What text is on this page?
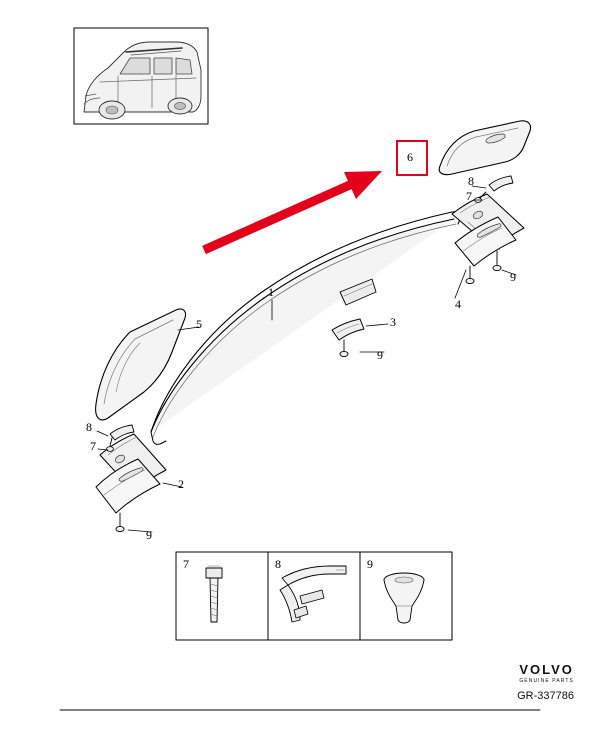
1
2
3
4
5
7
7
8
8
9
9
9
7	8	9
6
VOLVO
GENUINE PARTS
GR-337786
